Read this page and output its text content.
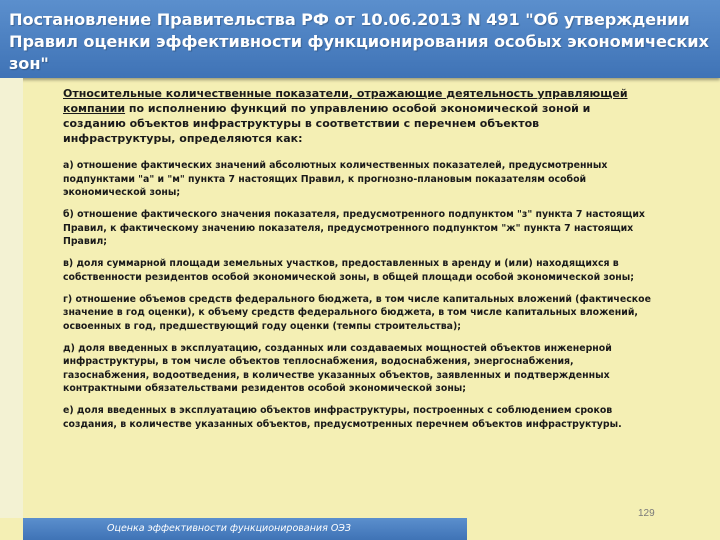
Постановление Правительства РФ от 10.06.2013 N 491 "Об утверждении Правил оценки эффективности функционирования особых экономических зон"

Относительные количественные показатели, отражающие деятельность управляющей компании по исполнению функций по управлению особой экономической зоной и созданию объектов инфраструктуры в соответствии с перечнем объектов инфраструктуры, определяются как:

а) отношение фактических значений абсолютных количественных показателей, предусмотренных подпунктами "а" и "м" пункта 7 настоящих Правил, к прогнозно-плановым показателям особой экономической зоны;

б) отношение фактического значения показателя, предусмотренного подпунктом "з" пункта 7 настоящих Правил, к фактическому значению показателя, предусмотренного подпунктом "ж" пункта 7 настоящих Правил;

в) доля суммарной площади земельных участков, предоставленных в аренду и (или) находящихся в собственности резидентов особой экономической зоны, в общей площади особой экономической зоны;

г) отношение объемов средств федерального бюджета, в том числе капитальных вложений (фактическое значение в год оценки), к объему средств федерального бюджета, в том числе капитальных вложений, освоенных в год, предшествующий году оценки (темпы строительства);

д) доля введенных в эксплуатацию, созданных или создаваемых мощностей объектов инженерной инфраструктуры, в том числе объектов теплоснабжения, водоснабжения, энергоснабжения, газоснабжения, водоотведения, в количестве указанных объектов, заявленных и подтвержденных контрактными обязательствами резидентов особой экономической зоны;

е) доля введенных в эксплуатацию объектов инфраструктуры, построенных с соблюдением сроков создания, в количестве указанных объектов, предусмотренных перечнем объектов инфраструктуры.

129
Оценка эффективности функционирования ОЭЗ
